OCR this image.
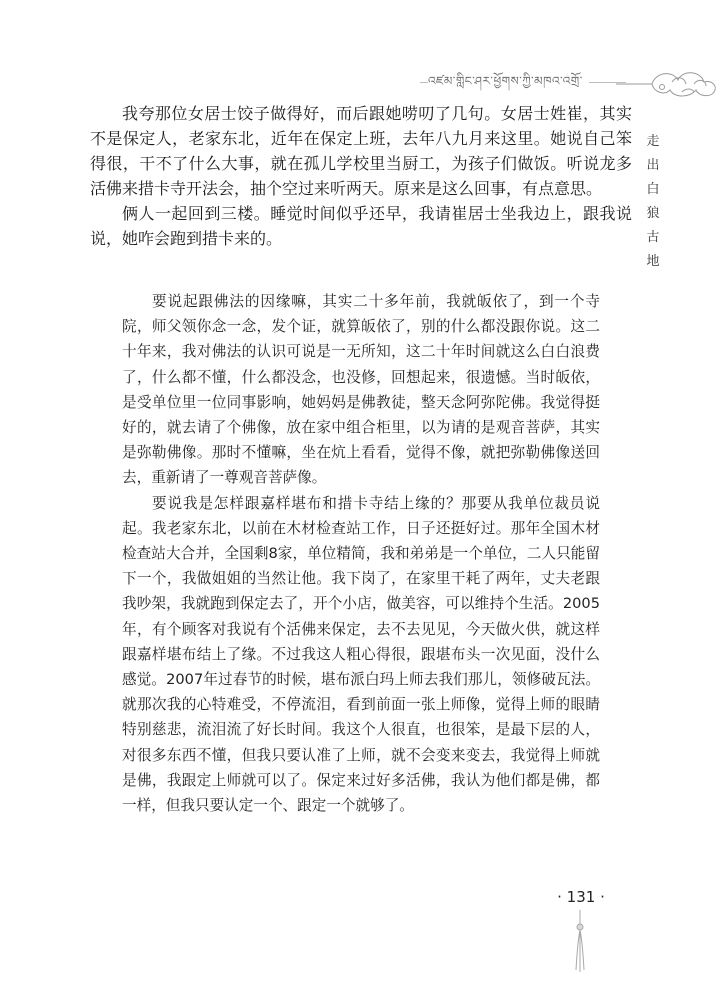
འཛམ་གླིང་ཤར་ཕྱོགས་ཀྱི་མཁའ་འགྲོ་
走
出
白
狼
古
地

我夸那位女居士饺子做得好，而后跟她唠叨了几句。女居士姓崔，其实不是保定人，老家东北，近年在保定上班，去年八九月来这里。她说自己笨得很，干不了什么大事，就在孤儿学校里当厨工，为孩子们做饭。听说龙多活佛来措卡寺开法会，抽个空过来听两天。原来是这么回事，有点意思。

俩人一起回到三楼。睡觉时间似乎还早，我请崔居士坐我边上，跟我说说，她咋会跑到措卡来的。

要说起跟佛法的因缘嘛，其实二十多年前，我就皈依了，到一个寺院，师父领你念一念，发个证，就算皈依了，别的什么都没跟你说。这二十年来，我对佛法的认识可说是一无所知，这二十年时间就这么白白浪费了，什么都不懂，什么都没念，也没修，回想起来，很遗憾。当时皈依，是受单位里一位同事影响，她妈妈是佛教徒，整天念阿弥陀佛。我觉得挺好的，就去请了个佛像，放在家中组合柜里，以为请的是观音菩萨，其实是弥勒佛像。那时不懂嘛，坐在炕上看看，觉得不像，就把弥勒佛像送回去，重新请了一尊观音菩萨像。

要说我是怎样跟嘉样堪布和措卡寺结上缘的？那要从我单位裁员说起。我老家东北，以前在木材检查站工作，日子还挺好过。那年全国木材检查站大合并，全国剩8家，单位精简，我和弟弟是一个单位，二人只能留下一个，我做姐姐的当然让他。我下岗了，在家里干耗了两年，丈夫老跟我吵架，我就跑到保定去了，开个小店，做美容，可以维持个生活。2005年，有个顾客对我说有个活佛来保定，去不去见见，今天做火供，就这样跟嘉样堪布结上了缘。不过我这人粗心得很，跟堪布头一次见面，没什么感觉。2007年过春节的时候，堪布派白玛上师去我们那儿，领修破瓦法。就那次我的心特难受，不停流泪，看到前面一张上师像，觉得上师的眼睛特别慈悲，流泪流了好长时间。我这个人很直，也很笨，是最下层的人，对很多东西不懂，但我只要认准了上师，就不会变来变去，我觉得上师就是佛，我跟定上师就可以了。保定来过好多活佛，我认为他们都是佛，都一样，但我只要认定一个、跟定一个就够了。

· 131 ·
